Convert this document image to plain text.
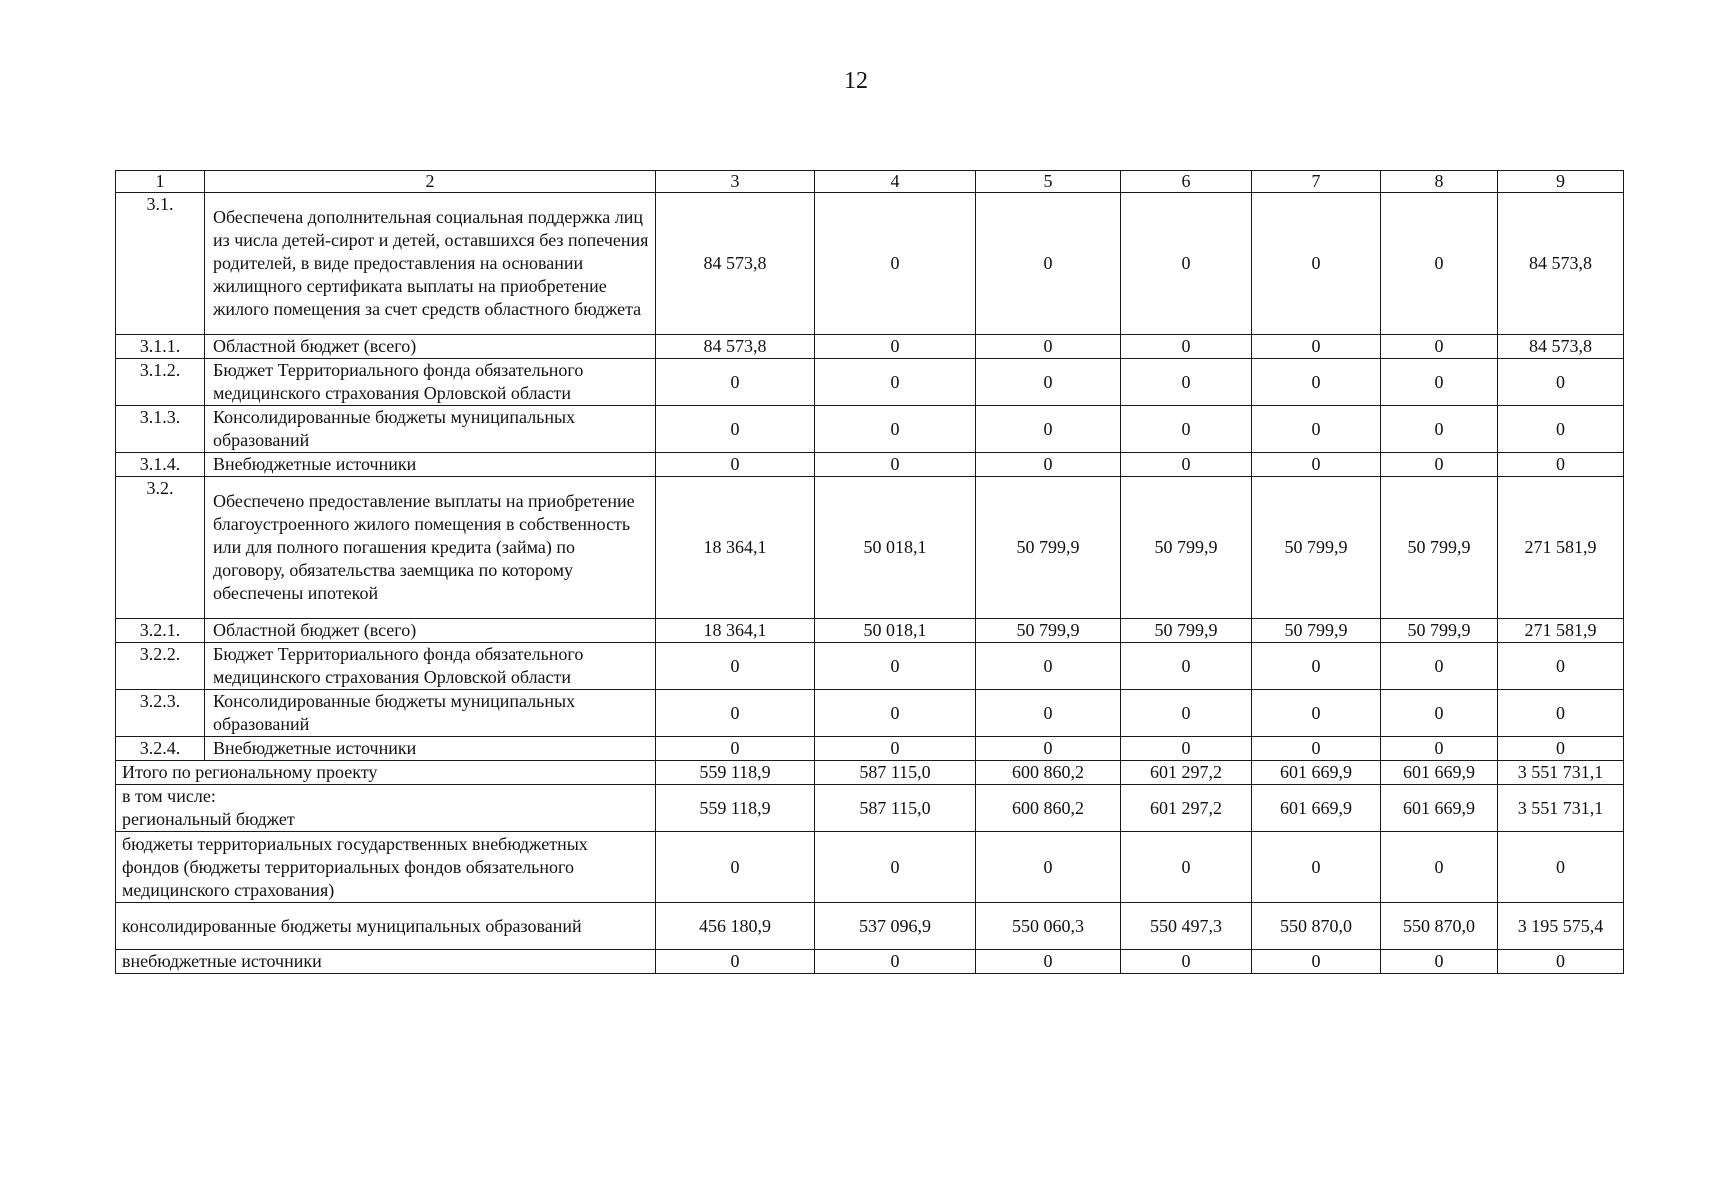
12
1	2	3	4	5	6	7	8	9
3.1.	Обеспечена дополнительная социальная поддержка лиц из числа детей-сирот и детей, оставшихся без попечения родителей, в виде предоставления на основании жилищного сертификата выплаты на приобретение жилого помещения за счет средств областного бюджета	84 573,8	0	0	0	0	0	84 573,8
3.1.1.	Областной бюджет (всего)	84 573,8	0	0	0	0	0	84 573,8
3.1.2.	Бюджет Территориального фонда обязательного медицинского страхования Орловской области	0	0	0	0	0	0	0
3.1.3.	Консолидированные бюджеты муниципальных образований	0	0	0	0	0	0	0
3.1.4.	Внебюджетные источники	0	0	0	0	0	0	0
3.2.	Обеспечено предоставление выплаты на приобретение благоустроенного жилого помещения в собственность или для полного погашения кредита (займа) по договору, обязательства заемщика по которому обеспечены ипотекой	18 364,1	50 018,1	50 799,9	50 799,9	50 799,9	50 799,9	271 581,9
3.2.1.	Областной бюджет (всего)	18 364,1	50 018,1	50 799,9	50 799,9	50 799,9	50 799,9	271 581,9
3.2.2.	Бюджет Территориального фонда обязательного медицинского страхования Орловской области	0	0	0	0	0	0	0
3.2.3.	Консолидированные бюджеты муниципальных образований	0	0	0	0	0	0	0
3.2.4.	Внебюджетные источники	0	0	0	0	0	0	0
Итого по региональному проекту		559 118,9	587 115,0	600 860,2	601 297,2	601 669,9	601 669,9	3 551 731,1
в том числе:
региональный бюджет		559 118,9	587 115,0	600 860,2	601 297,2	601 669,9	601 669,9	3 551 731,1
бюджеты территориальных государственных внебюджетных фондов (бюджеты территориальных фондов обязательного медицинского страхования)		0	0	0	0	0	0	0
консолидированные бюджеты муниципальных образований		456 180,9	537 096,9	550 060,3	550 497,3	550 870,0	550 870,0	3 195 575,4
внебюджетные источники		0	0	0	0	0	0	0
